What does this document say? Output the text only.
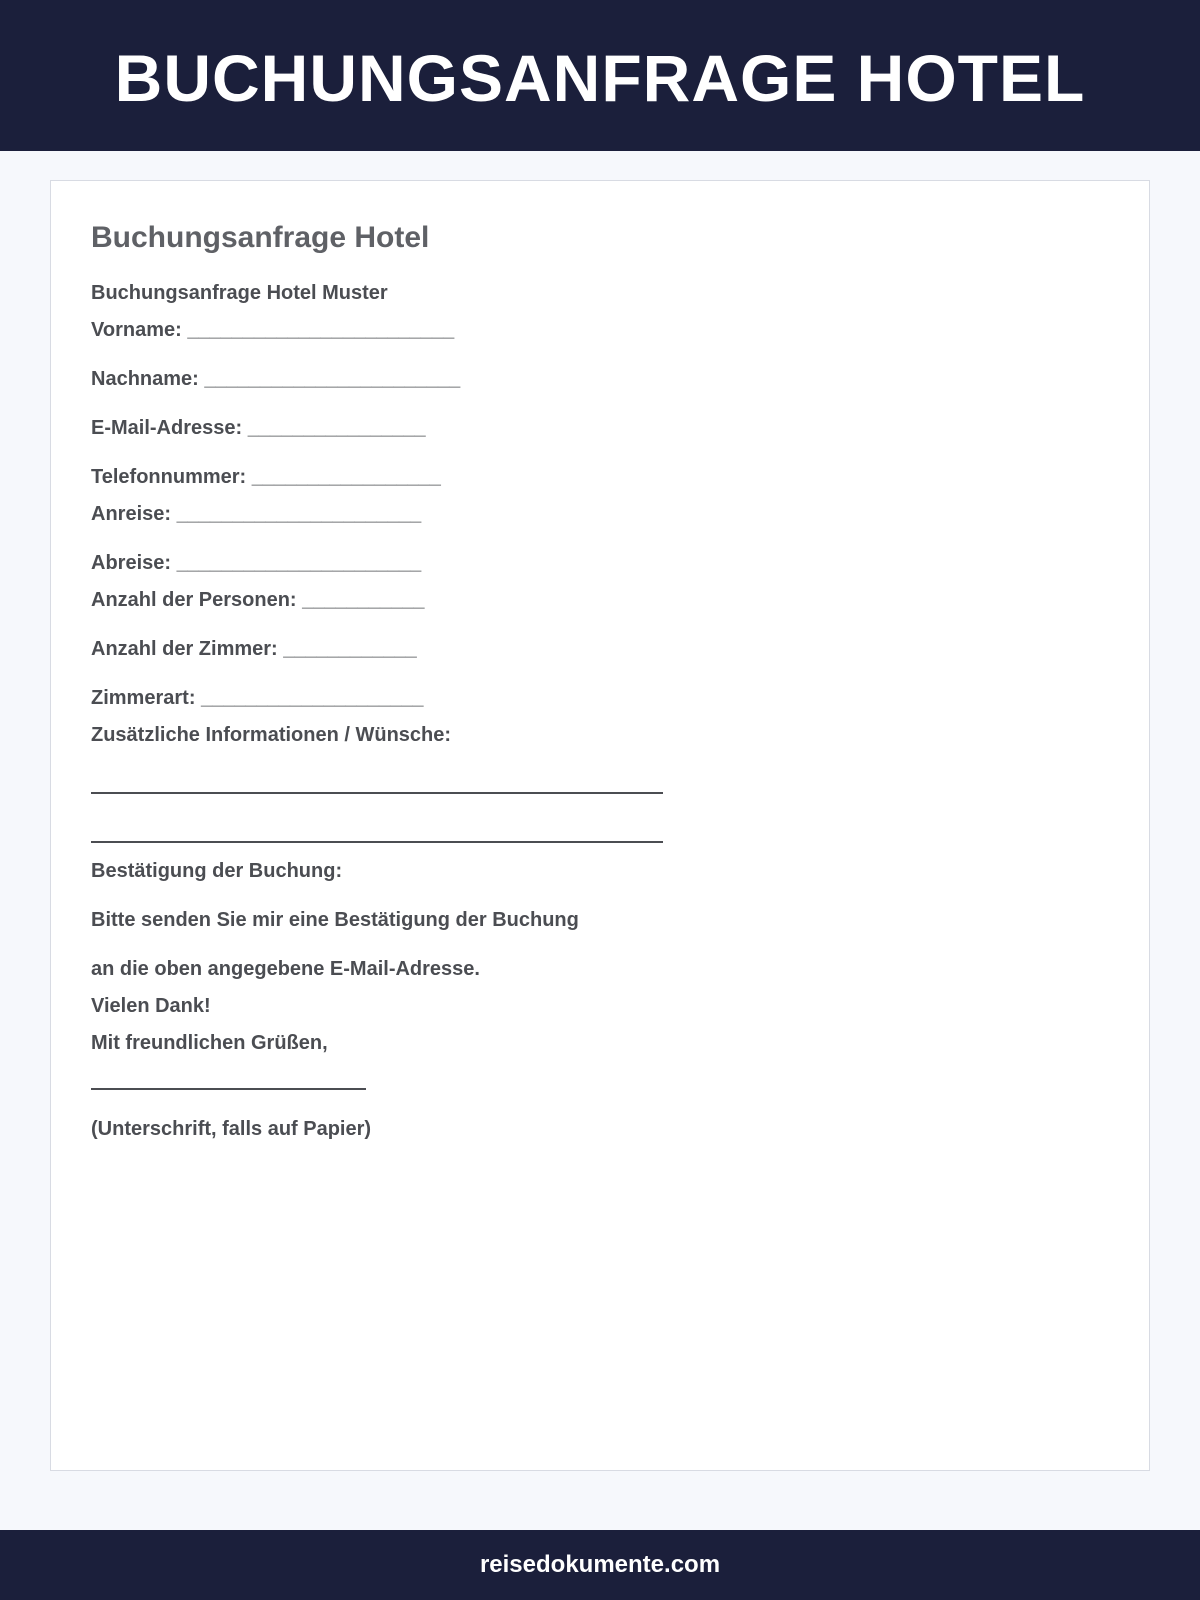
BUCHUNGSANFRAGE HOTEL
Buchungsanfrage Hotel
Buchungsanfrage Hotel Muster
Vorname: ________________________
Nachname: _______________________
E-Mail-Adresse: ________________
Telefonnummer: _________________
Anreise: ______________________
Abreise: ______________________
Anzahl der Personen: ___________
Anzahl der Zimmer: ____________
Zimmerart: ____________________
Zusätzliche Informationen / Wünsche:
Bestätigung der Buchung:
Bitte senden Sie mir eine Bestätigung der Buchung
an die oben angegebene E-Mail-Adresse.
Vielen Dank!
Mit freundlichen Grüßen,
(Unterschrift, falls auf Papier)
reisedokumente.com
